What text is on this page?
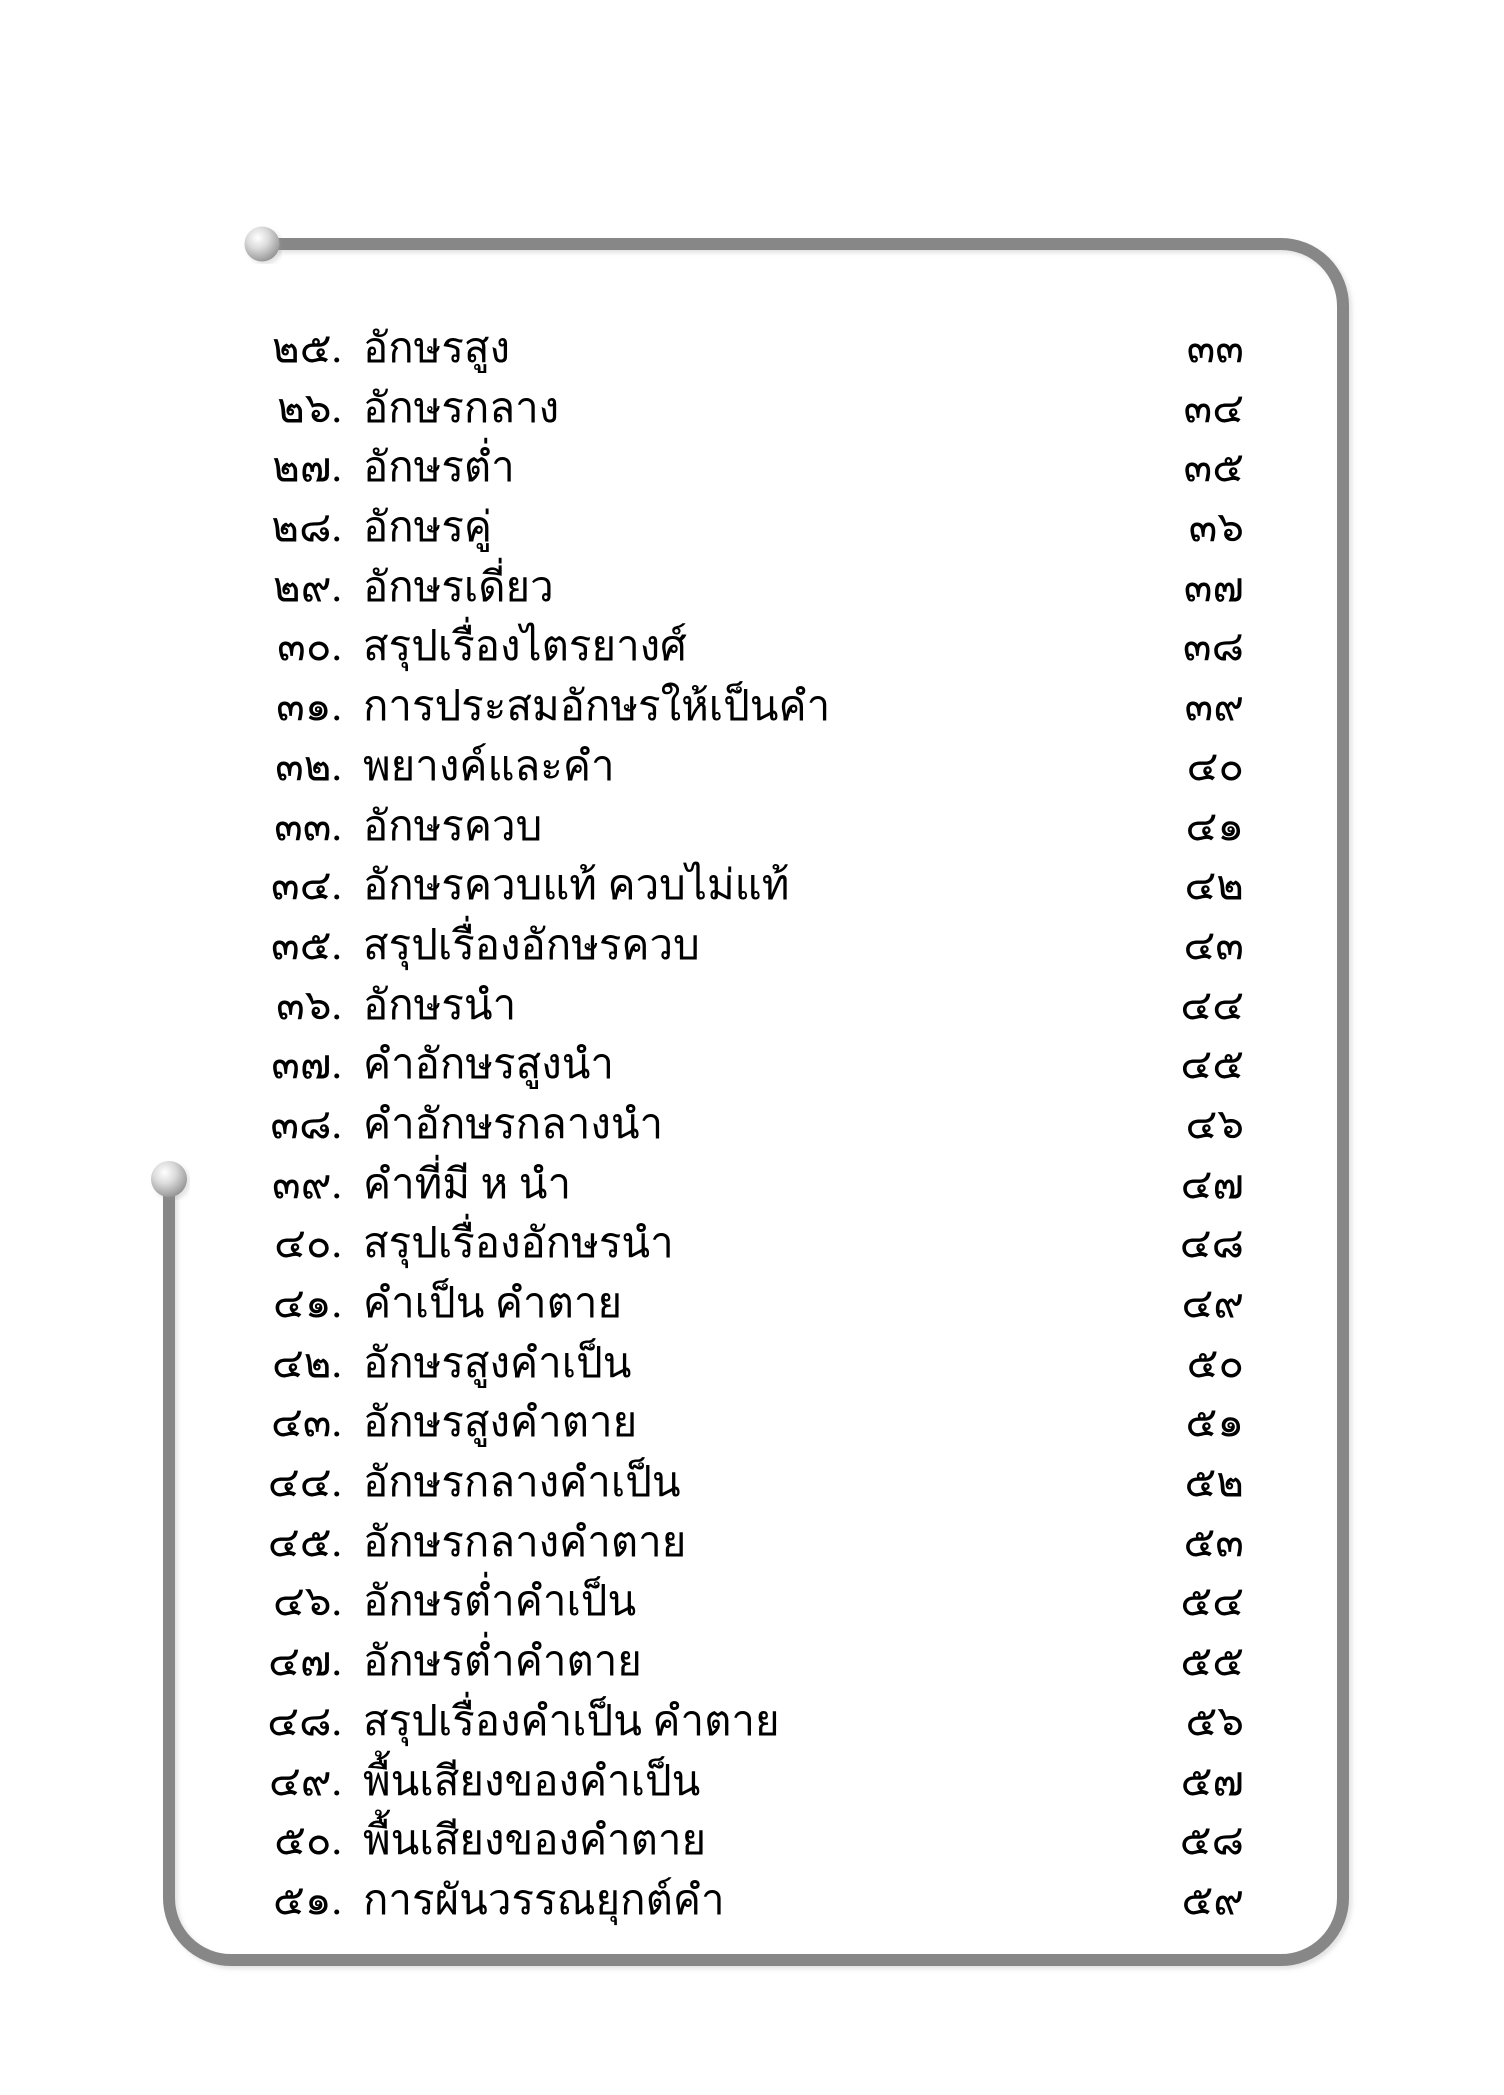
๒๕. อักษรสูง	๓๓
๒๖. อักษรกลาง	๓๔
๒๗. อักษรต่ำ	๓๕
๒๘. อักษรคู่	๓๖
๒๙. อักษรเดี่ยว	๓๗
๓๐. สรุปเรื่องไตรยางศ์	๓๘
๓๑. การประสมอักษรให้เป็นคำ	๓๙
๓๒. พยางค์และคำ	๔๐
๓๓. อักษรควบ	๔๑
๓๔. อักษรควบแท้ ควบไม่แท้	๔๒
๓๕. สรุปเรื่องอักษรควบ	๔๓
๓๖. อักษรนำ	๔๔
๓๗. คำอักษรสูงนำ	๔๕
๓๘. คำอักษรกลางนำ	๔๖
๓๙. คำที่มี ห นำ	๔๗
๔๐. สรุปเรื่องอักษรนำ	๔๘
๔๑. คำเป็น คำตาย	๔๙
๔๒. อักษรสูงคำเป็น	๕๐
๔๓. อักษรสูงคำตาย	๕๑
๔๔. อักษรกลางคำเป็น	๕๒
๔๕. อักษรกลางคำตาย	๕๓
๔๖. อักษรต่ำคำเป็น	๕๔
๔๗. อักษรต่ำคำตาย	๕๕
๔๘. สรุปเรื่องคำเป็น คำตาย	๕๖
๔๙. พื้นเสียงของคำเป็น	๕๗
๕๐. พื้นเสียงของคำตาย	๕๘
๕๑. การผันวรรณยุกต์คำ	๕๙
